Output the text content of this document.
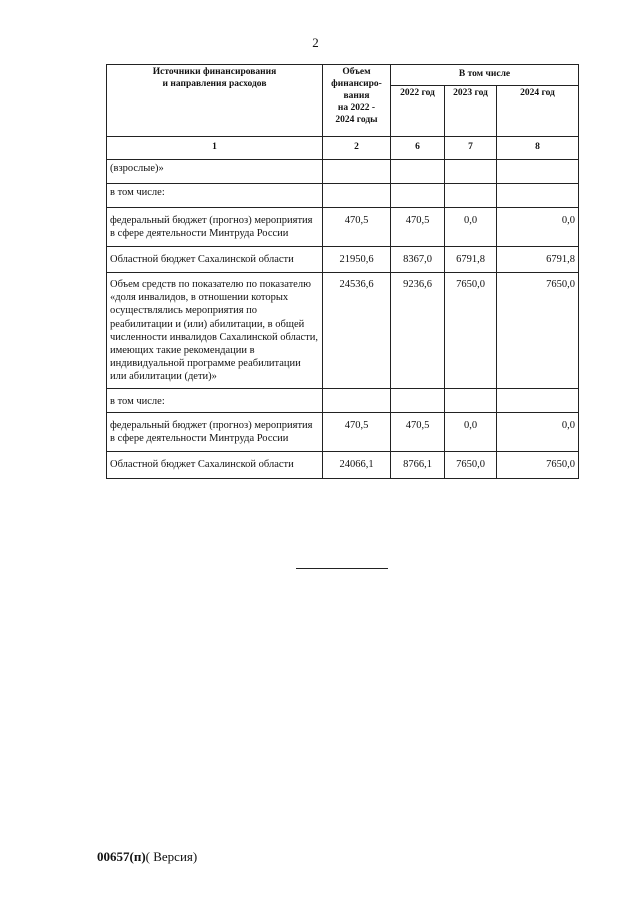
2
Источники финансирования
и направления расходов	Объем
финансиро-
вания
на 2022 -
2024 годы	В том числе		
		2022 год	2023 год	2024 год
1	2	6	7	8
(взрослые)»				
в том числе:				
федеральный бюджет (прогноз) мероприятия в сфере деятельности Минтруда России	470,5	470,5	0,0	0,0
Областной бюджет Сахалинской области	21950,6	8367,0	6791,8	6791,8
Объем средств по показателю по показателю «доля инвалидов, в отношении которых осуществлялись мероприятия по реабилитации и (или) абилитации, в общей численности инвалидов Сахалинской области, имеющих такие рекомендации в индивидуальной программе реабилитации или абилитации (дети)»	24536,6	9236,6	7650,0	7650,0
в том числе:				
федеральный бюджет (прогноз) мероприятия в сфере деятельности Минтруда России	470,5	470,5	0,0	0,0
Областной бюджет Сахалинской области	24066,1	8766,1	7650,0	7650,0
00657(п)( Версия)
